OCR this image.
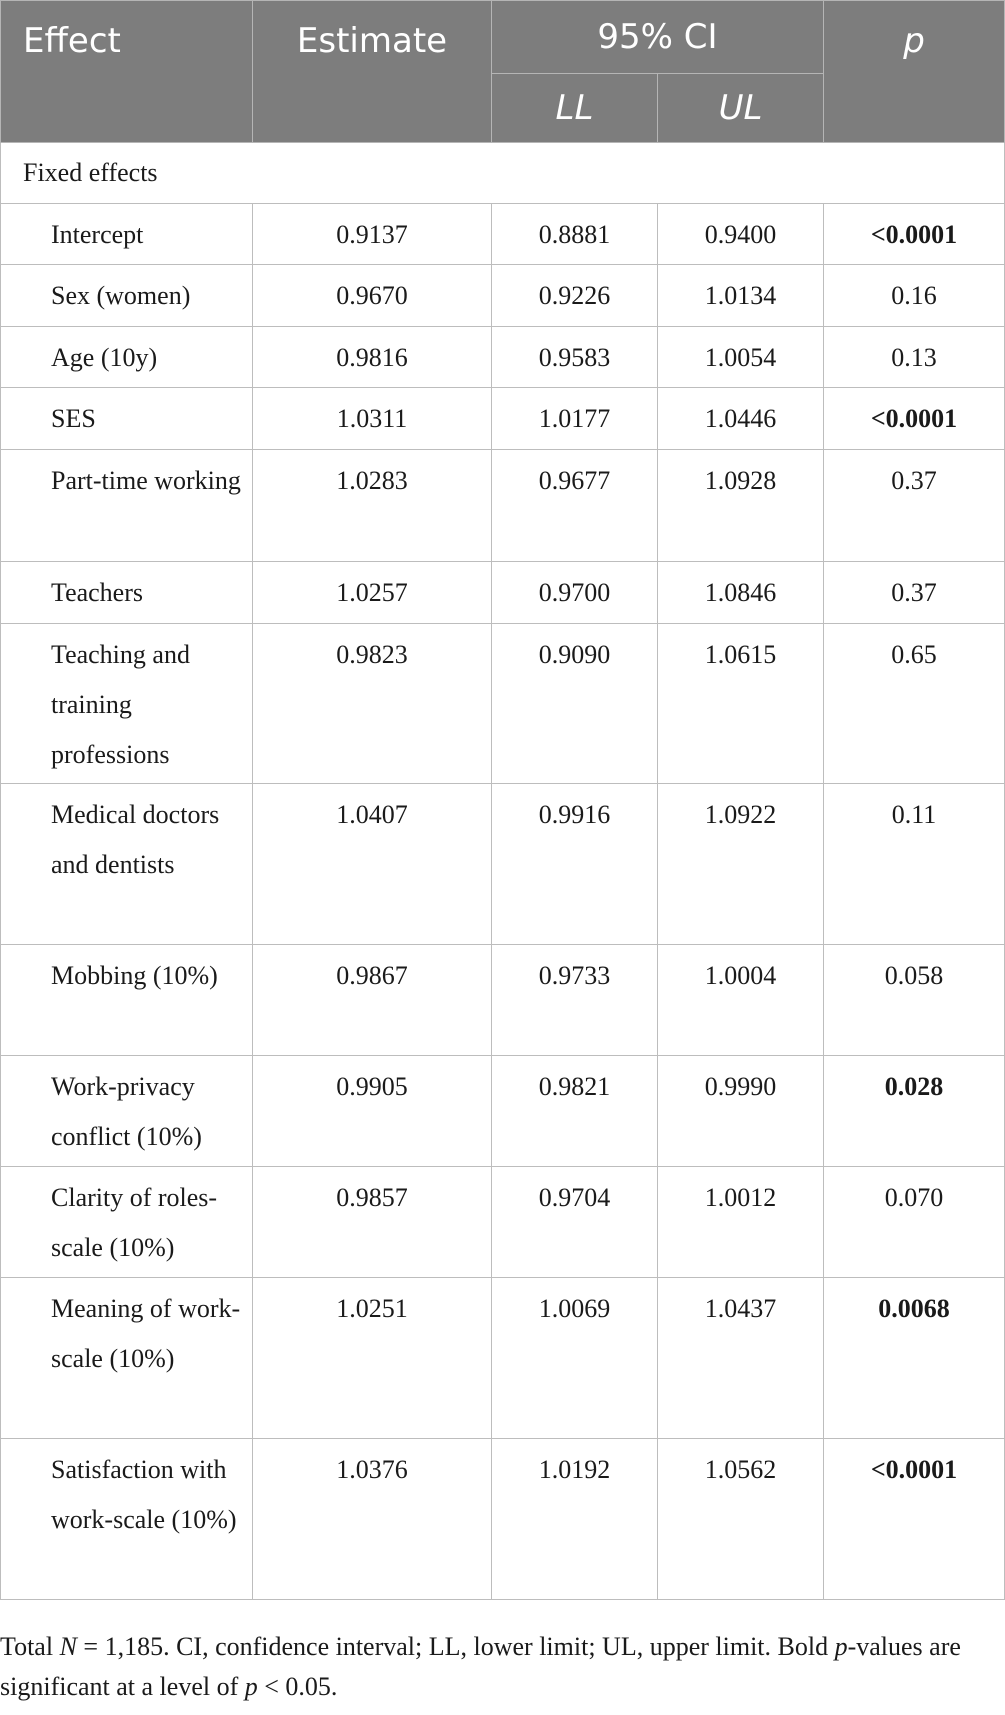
Effect	Estimate	95% CI		p
		LL	UL	
Fixed effects				
Intercept	0.9137	0.8881	0.9400	<0.0001
Sex (women)	0.9670	0.9226	1.0134	0.16
Age (10y)	0.9816	0.9583	1.0054	0.13
SES	1.0311	1.0177	1.0446	<0.0001
Part-time working	1.0283	0.9677	1.0928	0.37
Teachers	1.0257	0.9700	1.0846	0.37
Teaching and training professions	0.9823	0.9090	1.0615	0.65
Medical doctors and dentists	1.0407	0.9916	1.0922	0.11
Mobbing (10%)	0.9867	0.9733	1.0004	0.058
Work-privacy conflict (10%)	0.9905	0.9821	0.9990	0.028
Clarity of roles-scale (10%)	0.9857	0.9704	1.0012	0.070
Meaning of work-scale (10%)	1.0251	1.0069	1.0437	0.0068
Satisfaction with work-scale (10%)	1.0376	1.0192	1.0562	<0.0001
Total N = 1,185. CI, confidence interval; LL, lower limit; UL, upper limit. Bold p-values are significant at a level of p < 0.05.
